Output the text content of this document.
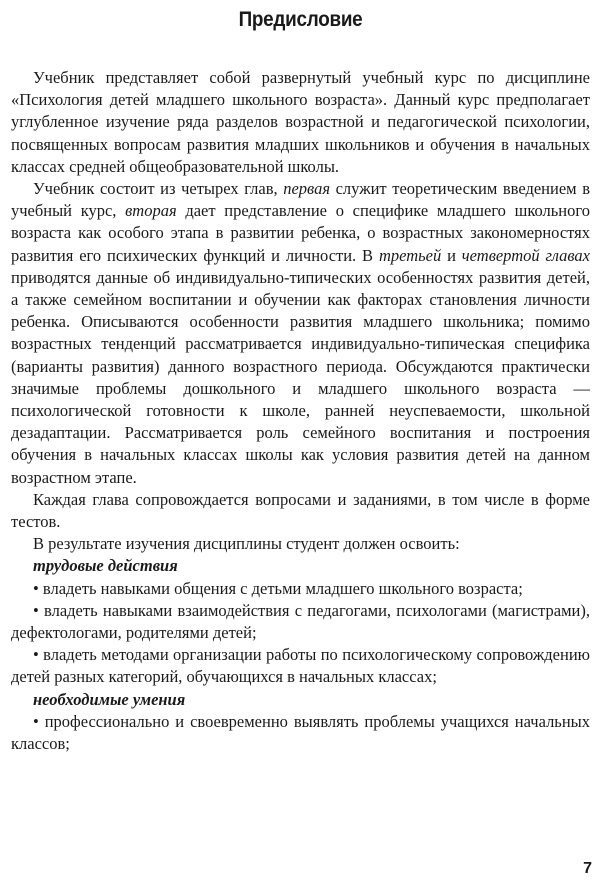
Предисловие

Учебник представляет собой развернутый учебный курс по дисциплине «Психология детей младшего школьного возраста». Данный курс предполагает углубленное изучение ряда разделов возрастной и педагогической психологии, посвященных вопросам развития младших школьников и обучения в начальных классах средней общеобразовательной школы.

Учебник состоит из четырех глав, первая служит теоретическим введением в учебный курс, вторая дает представление о специфике младшего школьного возраста как особого этапа в развитии ребенка, о возрастных закономерностях развития его психических функций и личности. В третьей и четвертой главах приводятся данные об индивидуально-типических особенностях развития детей, а также семейном воспитании и обучении как факторах становления личности ребенка. Описываются особенности развития младшего школьника; помимо возрастных тенденций рассматривается индивидуально-типическая специфика (варианты развития) данного возрастного периода. Обсуждаются практически значимые проблемы дошкольного и младшего школьного возраста — психологической готовности к школе, ранней неуспеваемости, школьной дезадаптации. Рассматривается роль семейного воспитания и построения обучения в начальных классах школы как условия развития детей на данном возрастном этапе.

Каждая глава сопровождается вопросами и заданиями, в том числе в форме тестов.

В результате изучения дисциплины студент должен освоить:

трудовые действия

• владеть навыками общения с детьми младшего школьного возраста;

• владеть навыками взаимодействия с педагогами, психологами (магистрами), дефектологами, родителями детей;

• владеть методами организации работы по психологическому сопровождению детей разных категорий, обучающихся в начальных классах;

необходимые умения

• профессионально и своевременно выявлять проблемы учащихся начальных классов;

7
